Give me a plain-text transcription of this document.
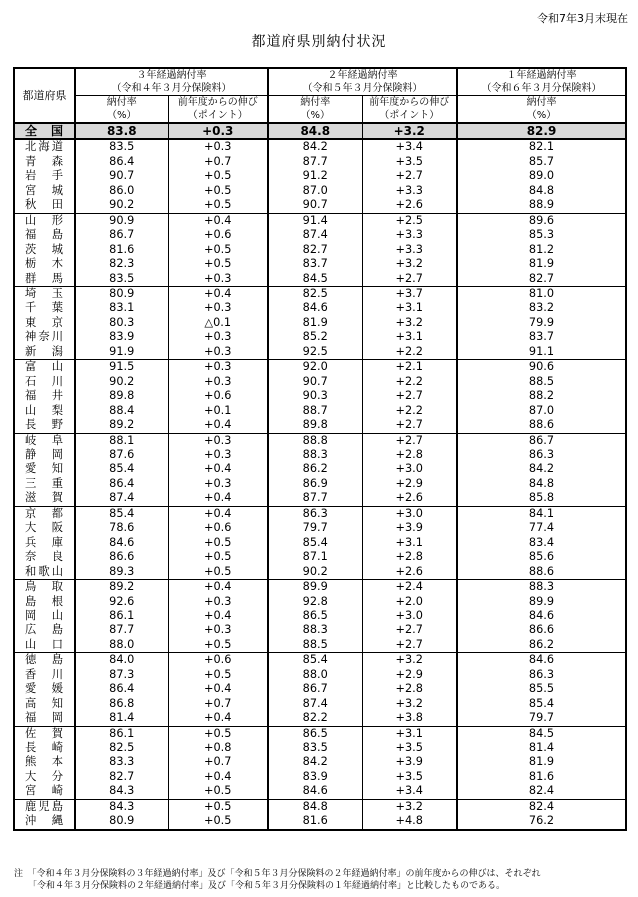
令和7年3月末現在
都道府県別納付状況
都道府県	３年経過納付率		２年経過納付率		１年経過納付率
	（令和４年３月分保険料）		（令和５年３月分保険料）		（令和６年３月分保険料）
	納付率	前年度からの伸び	納付率	前年度からの伸び	納付率
	（%）	（ポイント）	（%）	（ポイント）	（%）
全国	83.8	+0.3	84.8	+3.2	82.9
北海道	83.5	+0.3	84.2	+3.4	82.1
青森	86.4	+0.7	87.7	+3.5	85.7
岩手	90.7	+0.5	91.2	+2.7	89.0
宮城	86.0	+0.5	87.0	+3.3	84.8
秋田	90.2	+0.5	90.7	+2.6	88.9
山形	90.9	+0.4	91.4	+2.5	89.6
福島	86.7	+0.6	87.4	+3.3	85.3
茨城	81.6	+0.5	82.7	+3.3	81.2
栃木	82.3	+0.5	83.7	+3.2	81.9
群馬	83.5	+0.3	84.5	+2.7	82.7
埼玉	80.9	+0.4	82.5	+3.7	81.0
千葉	83.1	+0.3	84.6	+3.1	83.2
東京	80.3	△0.1	81.9	+3.2	79.9
神奈川	83.9	+0.3	85.2	+3.1	83.7
新潟	91.9	+0.3	92.5	+2.2	91.1
富山	91.5	+0.3	92.0	+2.1	90.6
石川	90.2	+0.3	90.7	+2.2	88.5
福井	89.8	+0.6	90.3	+2.7	88.2
山梨	88.4	+0.1	88.7	+2.2	87.0
長野	89.2	+0.4	89.8	+2.7	88.6
岐阜	88.1	+0.3	88.8	+2.7	86.7
静岡	87.6	+0.3	88.3	+2.8	86.3
愛知	85.4	+0.4	86.2	+3.0	84.2
三重	86.4	+0.3	86.9	+2.9	84.8
滋賀	87.4	+0.4	87.7	+2.6	85.8
京都	85.4	+0.4	86.3	+3.0	84.1
大阪	78.6	+0.6	79.7	+3.9	77.4
兵庫	84.6	+0.5	85.4	+3.1	83.4
奈良	86.6	+0.5	87.1	+2.8	85.6
和歌山	89.3	+0.5	90.2	+2.6	88.6
鳥取	89.2	+0.4	89.9	+2.4	88.3
島根	92.6	+0.3	92.8	+2.0	89.9
岡山	86.1	+0.4	86.5	+3.0	84.6
広島	87.7	+0.3	88.3	+2.7	86.6
山口	88.0	+0.5	88.5	+2.7	86.2
徳島	84.0	+0.6	85.4	+3.2	84.6
香川	87.3	+0.5	88.0	+2.9	86.3
愛媛	86.4	+0.4	86.7	+2.8	85.5
高知	86.8	+0.7	87.4	+3.2	85.4
福岡	81.4	+0.4	82.2	+3.8	79.7
佐賀	86.1	+0.5	86.5	+3.1	84.5
長崎	82.5	+0.8	83.5	+3.5	81.4
熊本	83.3	+0.7	84.2	+3.9	81.9
大分	82.7	+0.4	83.9	+3.5	81.6
宮崎	84.3	+0.5	84.6	+3.4	82.4
鹿児島	84.3	+0.5	84.8	+3.2	82.4
沖縄	80.9	+0.5	81.6	+4.8	76.2
注　「令和４年３月分保険料の３年経過納付率」及び「令和５年３月分保険料の２年経過納付率」の前年度からの伸びは、それぞれ
「令和４年３月分保険料の２年経過納付率」及び「令和５年３月分保険料の１年経過納付率」と比較したものである。
